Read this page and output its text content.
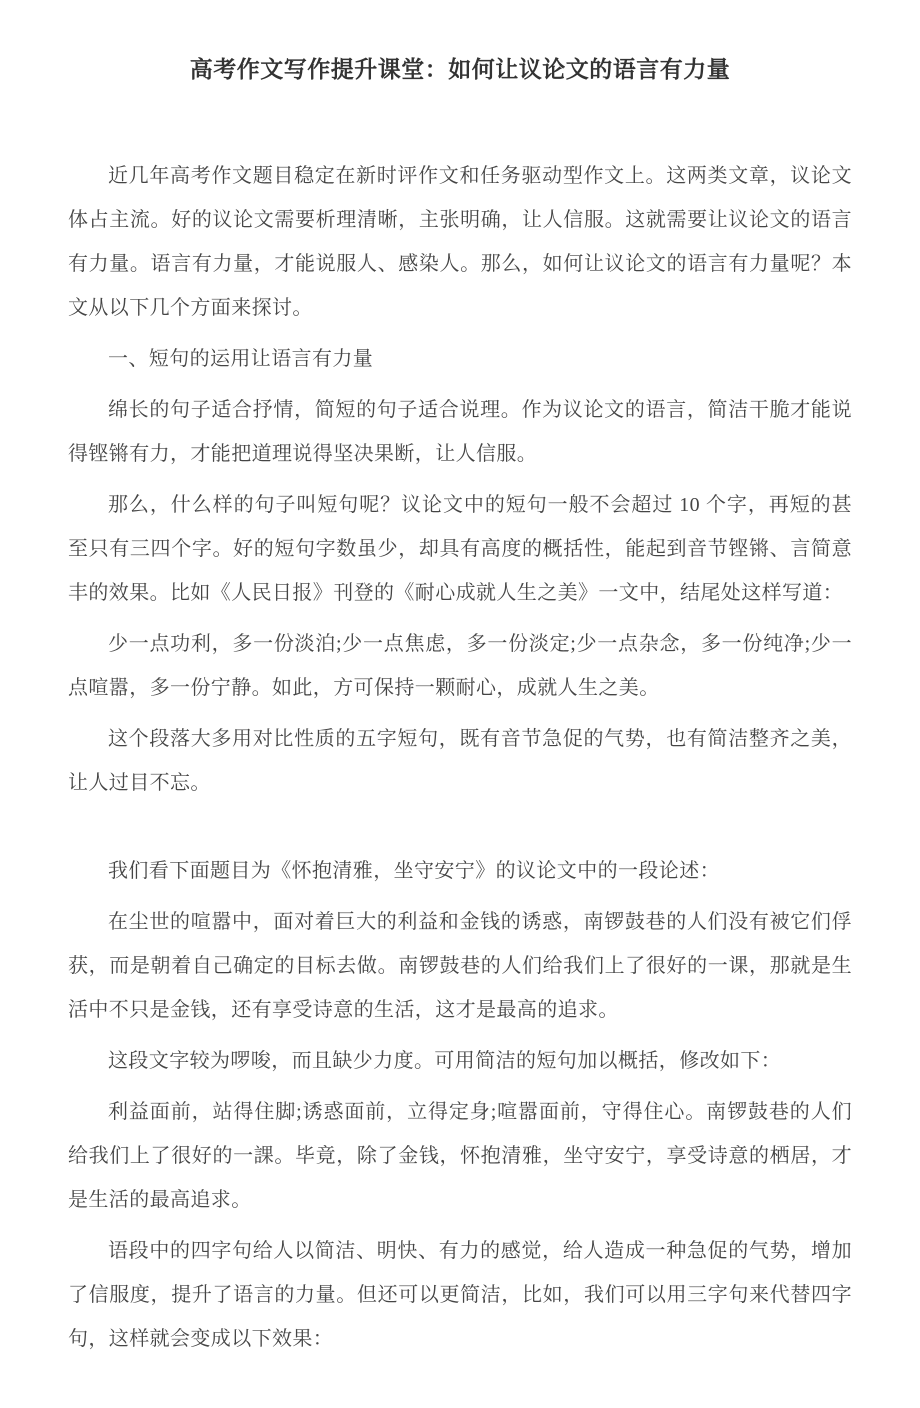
高考作文写作提升课堂：如何让议论文的语言有力量

近几年高考作文题目稳定在新时评作文和任务驱动型作文上。这两类文章，议论文体占主流。好的议论文需要析理清晰，主张明确，让人信服。这就需要让议论文的语言有力量。语言有力量，才能说服人、感染人。那么，如何让议论文的语言有力量呢？本文从以下几个方面来探讨。

一、短句的运用让语言有力量

绵长的句子适合抒情，简短的句子适合说理。作为议论文的语言，简洁干脆才能说得铿锵有力，才能把道理说得坚决果断，让人信服。

那么，什么样的句子叫短句呢？议论文中的短句一般不会超过 10 个字，再短的甚至只有三四个字。好的短句字数虽少，却具有高度的概括性，能起到音节铿锵、言简意丰的效果。比如《人民日报》刊登的《耐心成就人生之美》一文中，结尾处这样写道：

少一点功利，多一份淡泊;少一点焦虑，多一份淡定;少一点杂念，多一份纯净;少一点喧嚣，多一份宁静。如此，方可保持一颗耐心，成就人生之美。

这个段落大多用对比性质的五字短句，既有音节急促的气势，也有简洁整齐之美，让人过目不忘。

我们看下面题目为《怀抱清雅，坐守安宁》的议论文中的一段论述：

在尘世的喧嚣中，面对着巨大的利益和金钱的诱惑，南锣鼓巷的人们没有被它们俘获，而是朝着自己确定的目标去做。南锣鼓巷的人们给我们上了很好的一课，那就是生活中不只是金钱，还有享受诗意的生活，这才是最高的追求。

这段文字较为啰唆，而且缺少力度。可用简洁的短句加以概括，修改如下：

利益面前，站得住脚;诱惑面前，立得定身;喧嚣面前，守得住心。南锣鼓巷的人们给我们上了很好的一課。毕竟，除了金钱，怀抱清雅，坐守安宁，享受诗意的栖居，才是生活的最高追求。

语段中的四字句给人以简洁、明快、有力的感觉，给人造成一种急促的气势，增加了信服度，提升了语言的力量。但还可以更简洁，比如，我们可以用三字句来代替四字句，这样就会变成以下效果：
